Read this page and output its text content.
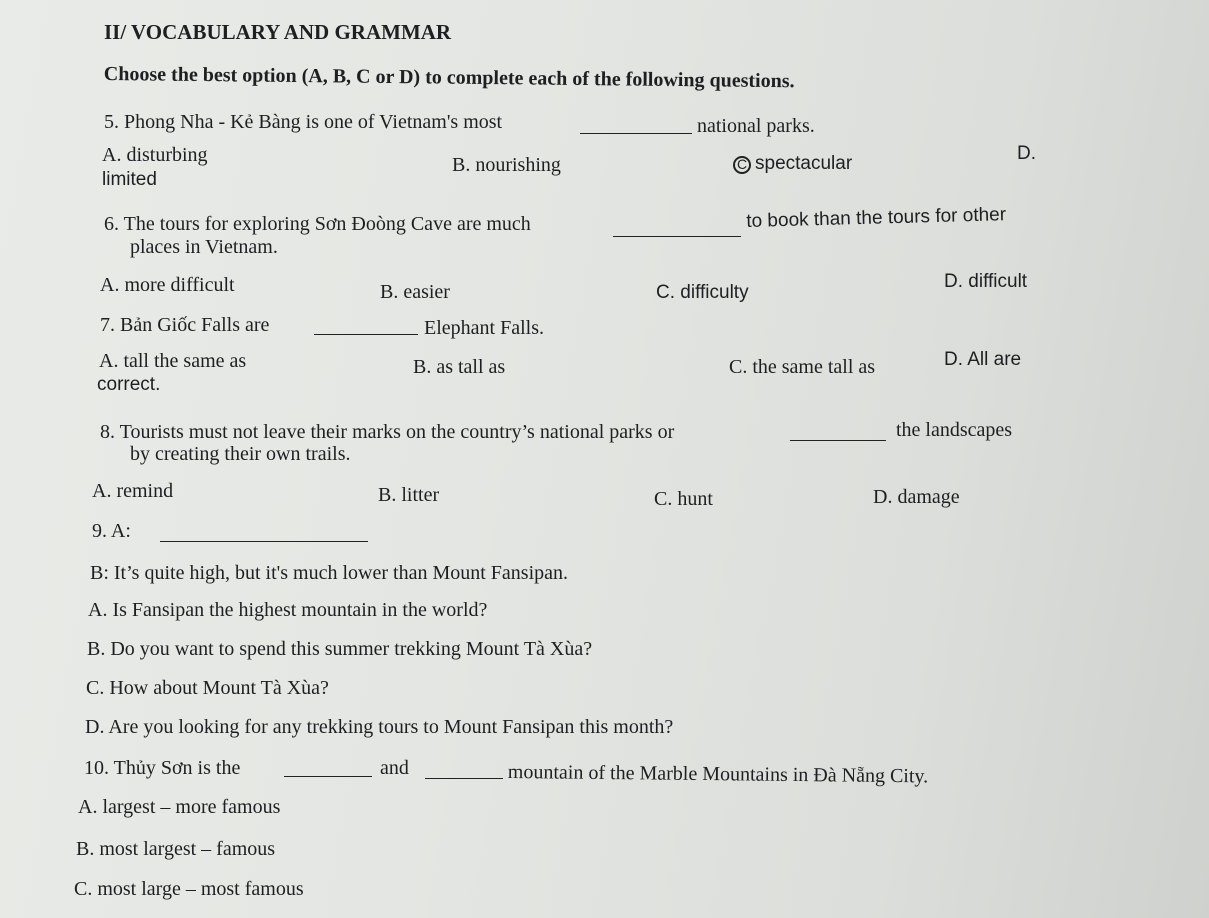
II/ VOCABULARY AND GRAMMAR
Choose the best option (A, B, C or D) to complete each of the following questions.
5. Phong Nha - Kẻ Bàng is one of Vietnam's most	national parks.
A. disturbing	B. nourishing	C spectacular	D.
limited
6. The tours for exploring Sơn Đoòng Cave are much	to book than the tours for other
places in Vietnam.
A. more difficult	B. easier	C. difficulty
D. difficult
7. Bản Giốc Falls are	Elephant Falls.
A. tall the same as	B. as tall as	C. the same tall as	D. All are
correct.
8. Tourists must not leave their marks on the country’s national parks or	the landscapes
by creating their own trails.
A. remind	B. litter	C. hunt	D. damage
9. A:
B: It’s quite high, but it's much lower than Mount Fansipan.
A. Is Fansipan the highest mountain in the world?
B. Do you want to spend this summer trekking Mount Tà Xùa?
C. How about Mount Tà Xùa?
D. Are you looking for any trekking tours to Mount Fansipan this month?
10. Thủy Sơn is the	and	mountain of the Marble Mountains in Đà Nẵng City.
A. largest – more famous
B. most largest – famous
C. most large – most famous
